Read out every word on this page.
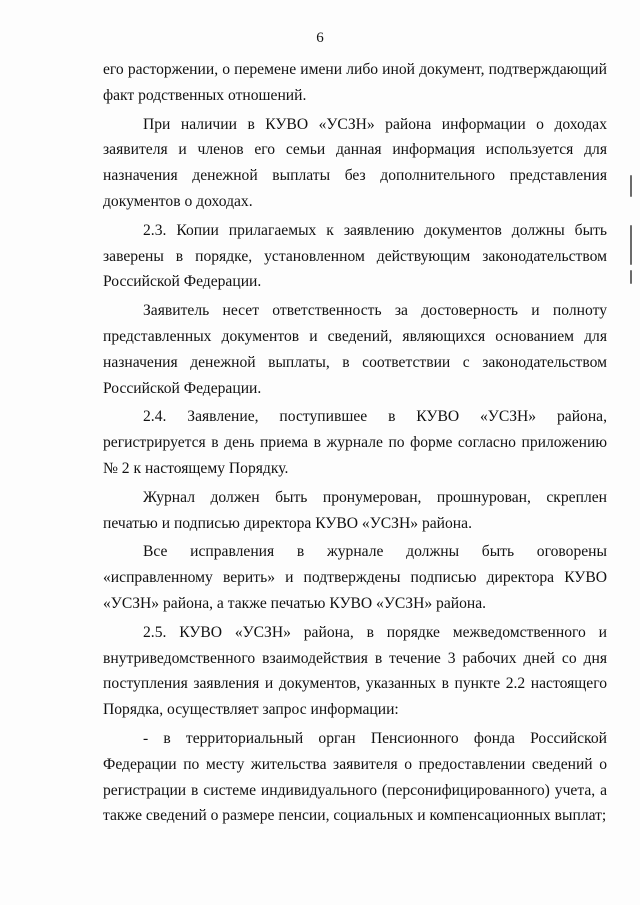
6

его расторжении, о перемене имени либо иной документ, подтверждающий факт родственных отношений.

При наличии в КУВО «УСЗН» района информации о доходах заявителя и членов его семьи данная информация используется для назначения денежной выплаты без дополнительного представления документов о доходах.

2.3. Копии прилагаемых к заявлению документов должны быть заверены в порядке, установленном действующим законодательством Российской Федерации.

Заявитель несет ответственность за достоверность и полноту представленных документов и сведений, являющихся основанием для назначения денежной выплаты, в соответствии с законодательством Российской Федерации.

2.4. Заявление, поступившее в КУВО «УСЗН» района, регистрируется в день приема в журнале по форме согласно приложению № 2 к настоящему Порядку.

Журнал должен быть пронумерован, прошнурован, скреплен печатью и подписью директора КУВО «УСЗН» района.

Все исправления в журнале должны быть оговорены «исправленному верить» и подтверждены подписью директора КУВО «УСЗН» района, а также печатью КУВО «УСЗН» района.

2.5. КУВО «УСЗН» района, в порядке межведомственного и внутриведомственного взаимодействия в течение 3 рабочих дней со дня поступления заявления и документов, указанных в пункте 2.2 настоящего Порядка, осуществляет запрос информации:

- в территориальный орган Пенсионного фонда Российской Федерации по месту жительства заявителя о предоставлении сведений о регистрации в системе индивидуального (персонифицированного) учета, а также сведений о размере пенсии, социальных и компенсационных выплат;
